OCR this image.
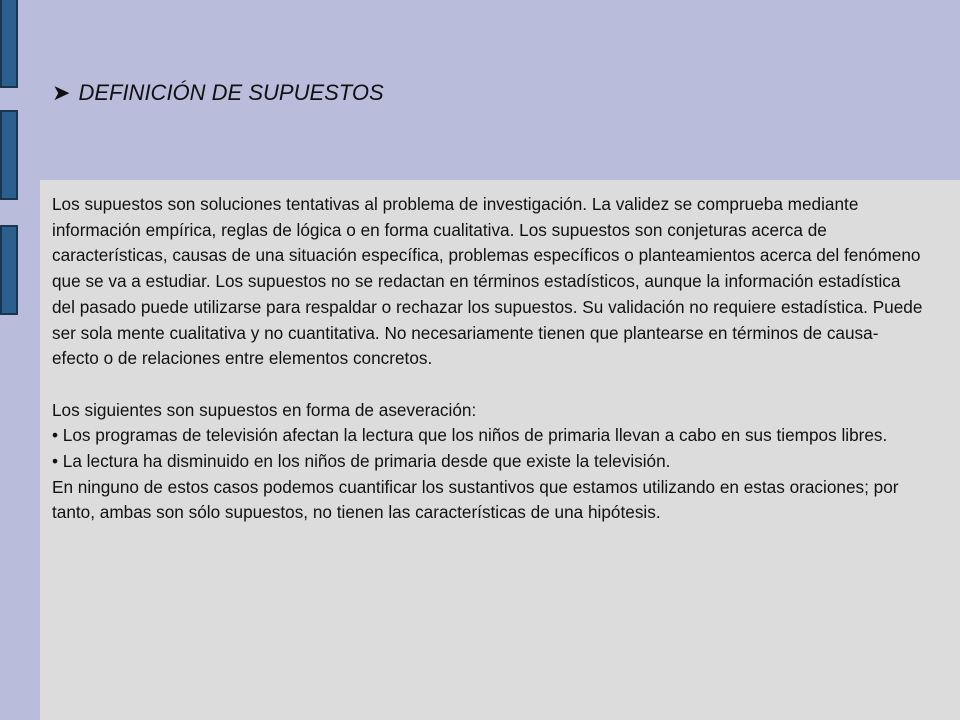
➤ DEFINICIÓN DE SUPUESTOS

Los supuestos son soluciones tentativas al problema de investigación. La validez se comprueba mediante información empírica, reglas de lógica o en forma cualitativa. Los supuestos son conjeturas acerca de características, causas de una situación específica, problemas específicos o planteamientos acerca del fenómeno que se va a estudiar. Los supuestos no se redactan en términos estadísticos, aunque la información estadística del pasado puede utilizarse para respaldar o rechazar los supuestos. Su validación no requiere estadística. Puede ser sola mente cualitativa y no cuantitativa. No necesariamente tienen que plantearse en términos de causa-efecto o de relaciones entre elementos concretos.

Los siguientes son supuestos en forma de aseveración:

• Los programas de televisión afectan la lectura que los niños de primaria llevan a cabo en sus tiempos libres.

• La lectura ha disminuido en los niños de primaria desde que existe la televisión.

En ninguno de estos casos podemos cuantificar los sustantivos que estamos utilizando en estas oraciones; por tanto, ambas son sólo supuestos, no tienen las características de una hipótesis.
